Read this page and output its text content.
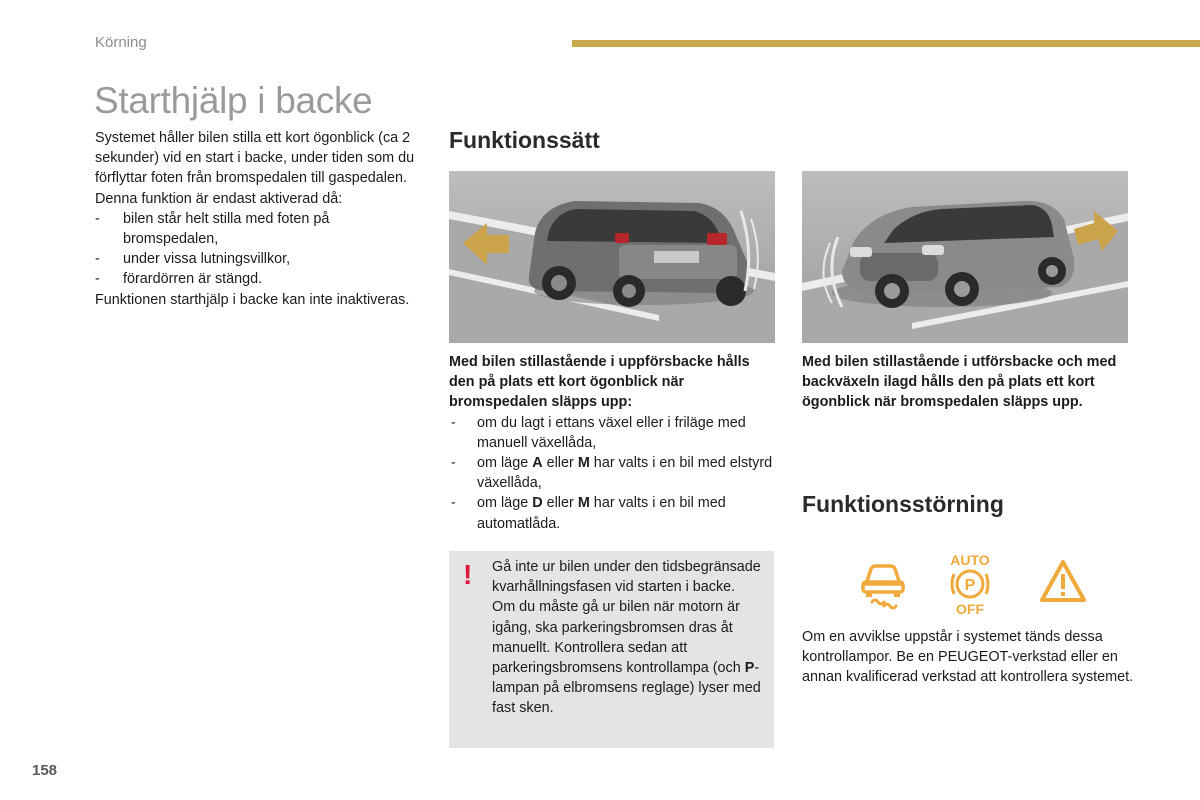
Körning
Starthjälp i backe

Systemet håller bilen stilla ett kort ögonblick (ca 2 sekunder) vid en start i backe, under tiden som du förflyttar foten från bromspedalen till gaspedalen.

Denna funktion är endast aktiverad då:

- bilen står helt stilla med foten på bromspedalen,
- under vissa lutningsvillkor,
- förardörren är stängd.

Funktionen starthjälp i backe kan inte inaktiveras.

Funktionssätt

Med bilen stillastående i uppförsbacke hålls den på plats ett kort ögonblick när bromspedalen släpps upp:

- om du lagt i ettans växel eller i friläge med manuell växellåda,
- om läge A eller M har valts i en bil med elstyrd växellåda,
- om läge D eller M har valts i en bil med automatlåda.

Med bilen stillastående i utförsbacke och med backväxeln ilagd hålls den på plats ett kort ögonblick när bromspedalen släpps upp.

! Gå inte ur bilen under den tidsbegränsade kvarhållningsfasen vid starten i backe.

Om du måste gå ur bilen när motorn är igång, ska parkeringsbromsen dras åt manuellt. Kontrollera sedan att parkeringsbromsens kontrollampa (och P-lampan på elbromsens reglage) lyser med fast sken.

Funktionsstörning
AUTO
P
OFF
Om en avviklse uppstår i systemet tänds dessa kontrollampor. Be en PEUGEOT-verkstad eller en annan kvalificerad verkstad att kontrollera systemet.
158
